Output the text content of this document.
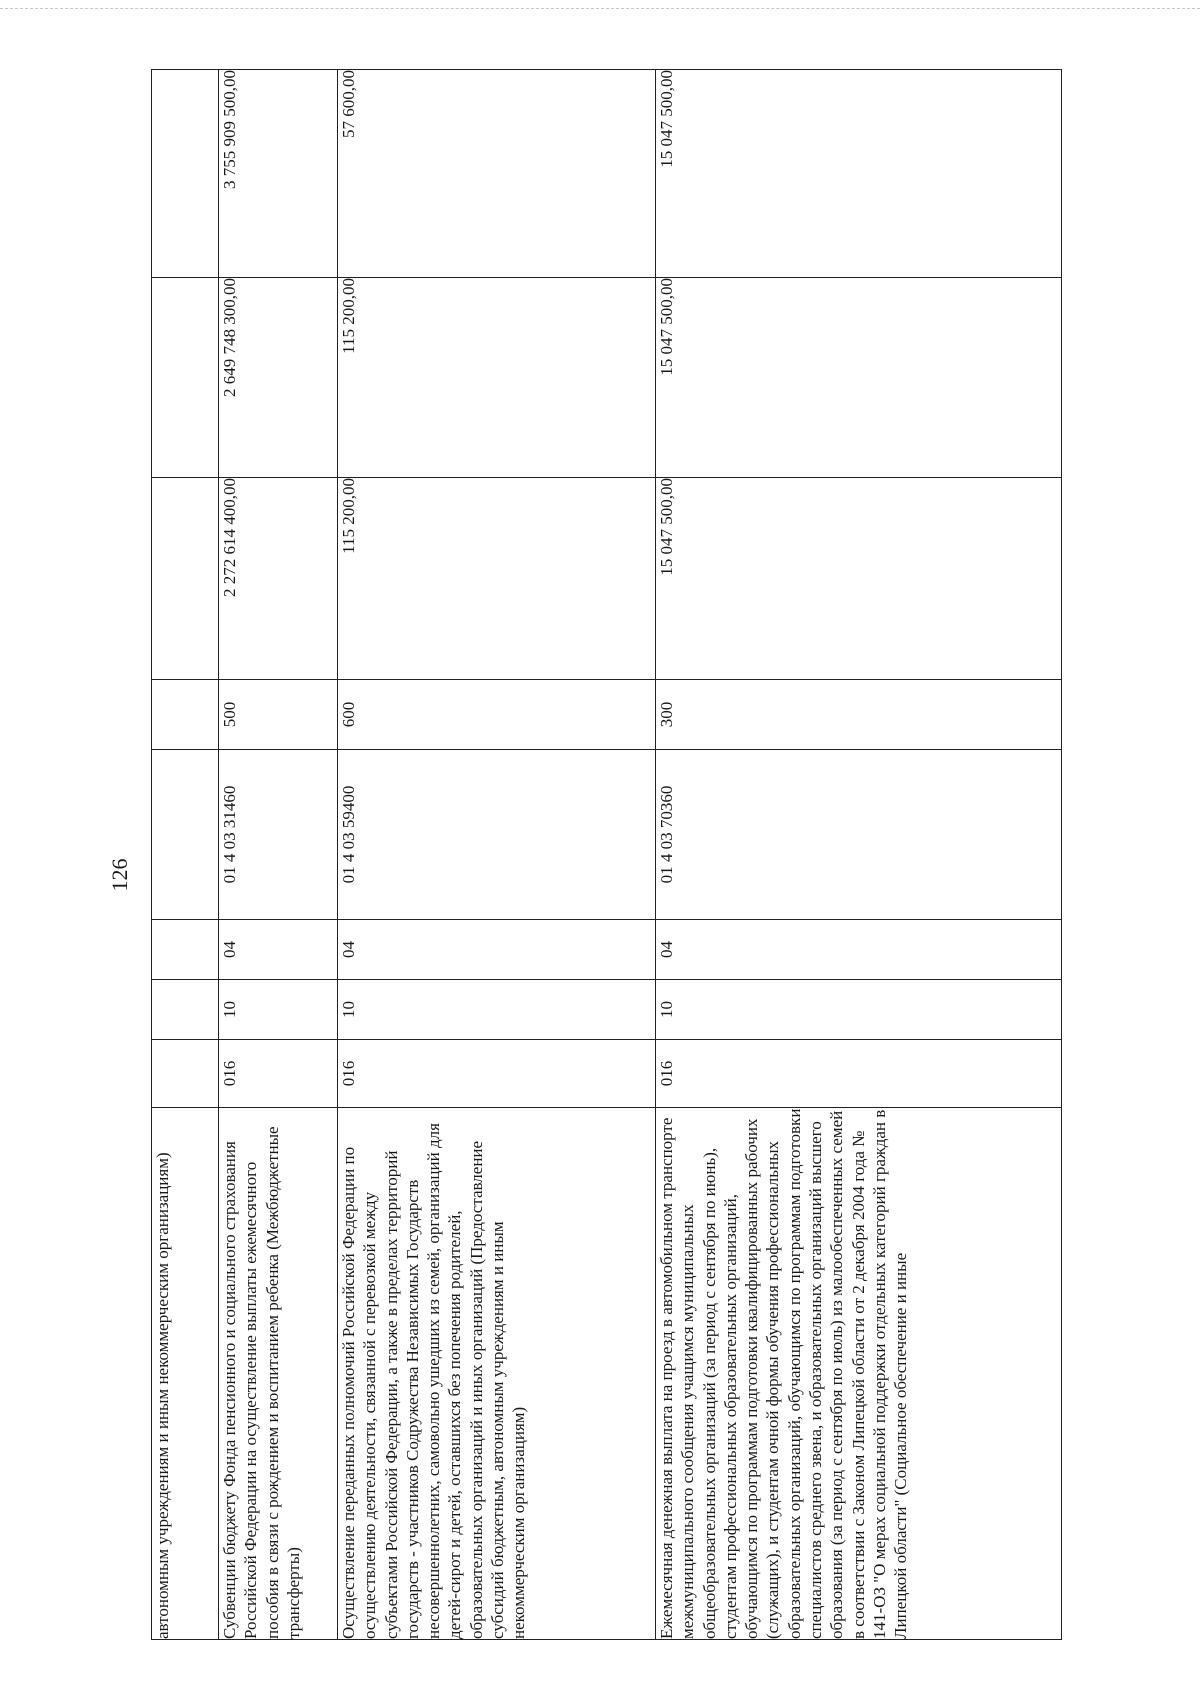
126
автономным учреждениям и иным некоммерческим организациям)								
Субвенции бюджету Фонда пенсионного и социального страхования Российской Федерации на осуществление выплаты ежемесячного пособия в связи с рождением и воспитанием ребенка (Межбюджетные трансферты)	016	10	04	01 4 03 31460	500	2 272 614 400,00	2 649 748 300,00	3 755 909 500,00
Осуществление переданных полномочий Российской Федерации по осуществлению деятельности, связанной с перевозкой между субъектами Российской Федерации, а также в пределах территорий государств - участников Содружества Независимых Государств несовершеннолетних, самовольно ушедших из семей, организаций для детей-сирот и детей, оставшихся без попечения родителей, образовательных организаций и иных организаций (Предоставление субсидий бюджетным, автономным учреждениям и иным некоммерческим организациям)	016	10	04	01 4 03 59400	600	115 200,00	115 200,00	57 600,00
Ежемесячная денежная выплата на проезд в автомобильном транспорте межмуниципального сообщения учащимся муниципальных общеобразовательных организаций (за период с сентября по июнь), студентам профессиональных образовательных организаций, обучающимся по программам подготовки квалифицированных рабочих (служащих), и студентам очной формы обучения профессиональных образовательных организаций, обучающимся по программам подготовки специалистов среднего звена, и образовательных организаций высшего образования (за период с сентября по июль) из малообеспеченных семей в соответствии с Законом Липецкой области от 2 декабря 2004 года № 141-ОЗ "О мерах социальной поддержки отдельных категорий граждан в Липецкой области" (Социальное обеспечение и иные	016	10	04	01 4 03 70360	300	15 047 500,00	15 047 500,00	15 047 500,00
